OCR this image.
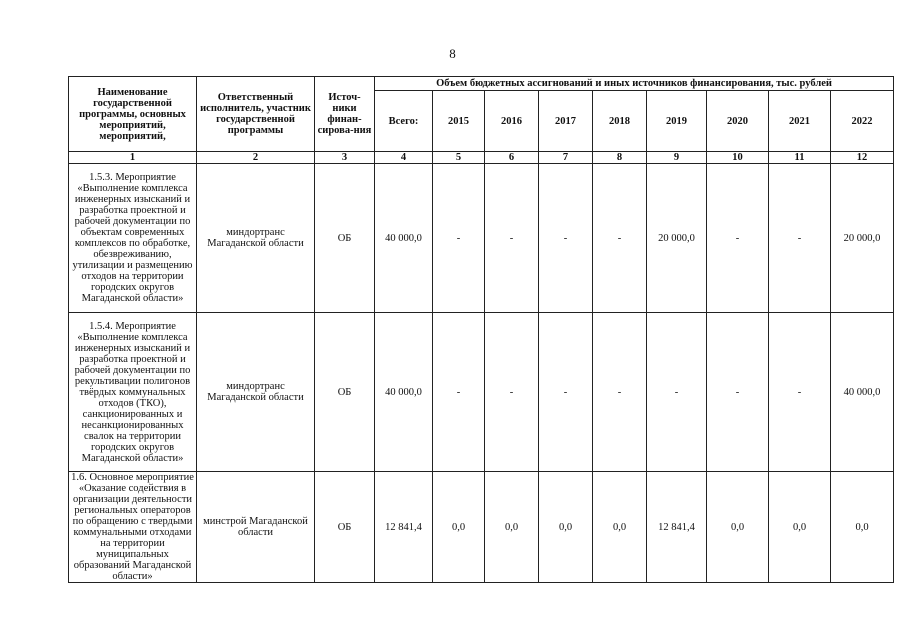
8
Наименование государственной программы, основных мероприятий, мероприятий,	Ответственный исполнитель, участник государственной программы	Источ-ники финан-сирова-ния	Объем бюджетных ассигнований и иных источников финансирования, тыс. рублей								
			Всего:	2015	2016	2017	2018	2019	2020	2021	2022
1	2	3	4	5	6	7	8	9	10	11	12
1.5.3. Мероприятие «Выполнение комплекса инженерных изысканий и разработка проектной и рабочей документации по объектам современных комплексов по обработке, обезвреживанию, утилизации и размещению отходов на территории городских округов Магаданской области»	миндортранс Магаданской области	ОБ	40 000,0	-	-	-	-	20 000,0	-	-	20 000,0
1.5.4. Мероприятие «Выполнение комплекса инженерных изысканий и разработка проектной и рабочей документации по рекультивации полигонов твёрдых коммунальных отходов (ТКО), санкционированных и несанкционированных свалок на территории городских округов Магаданской области»	миндортранс Магаданской области	ОБ	40 000,0	-	-	-	-	-	-	-	40 000,0
1.6. Основное мероприятие «Оказание содействия в организации деятельности региональных операторов по обращению с твердыми коммунальными отходами на территории муниципальных образований Магаданской области»	минстрой Магаданской области	ОБ	12 841,4	0,0	0,0	0,0	0,0	12 841,4	0,0	0,0	0,0
